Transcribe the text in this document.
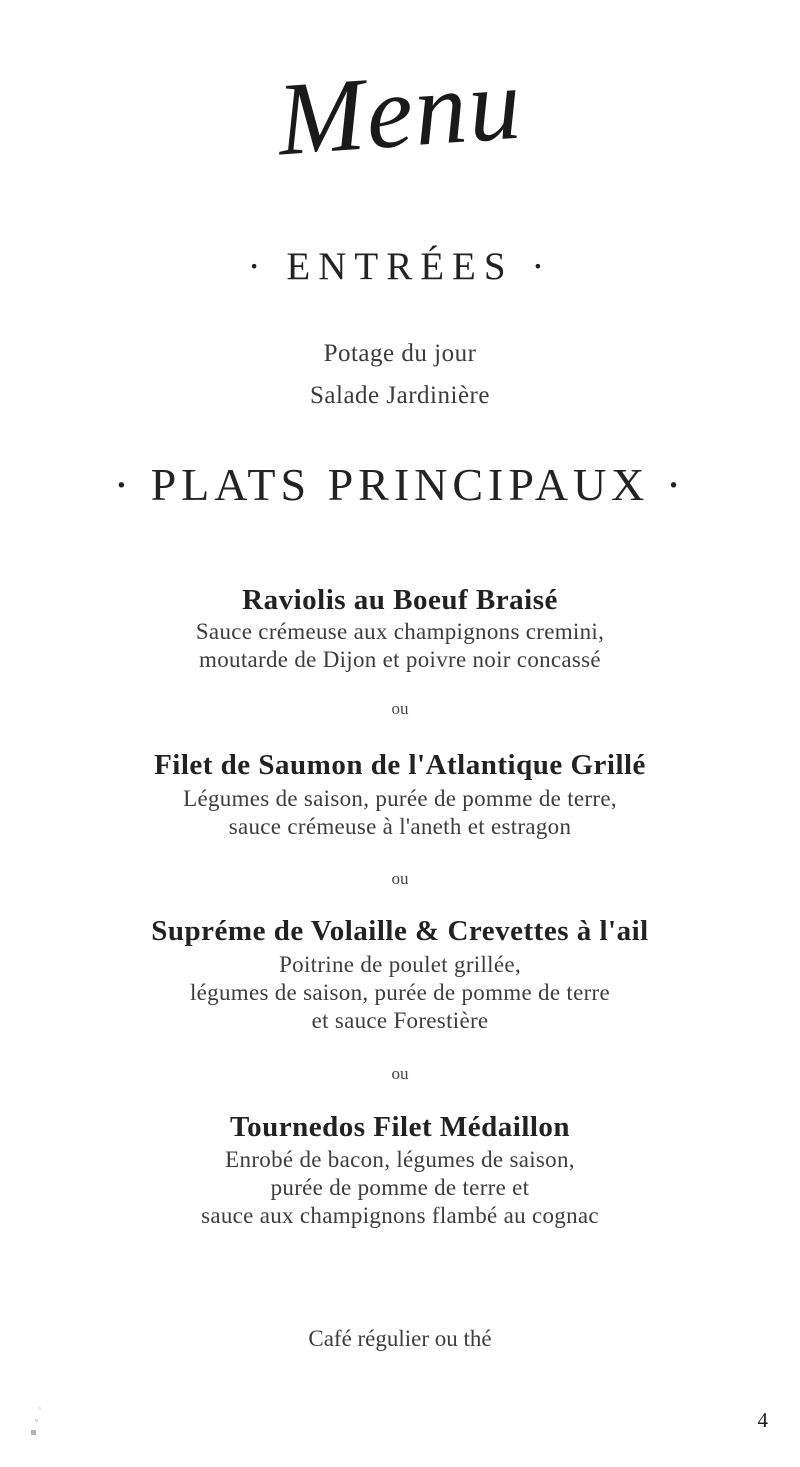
Menu
· ENTRÉES ·
Potage du jour
Salade Jardinière
· PLATS PRINCIPAUX ·
Raviolis au Boeuf Braisé
Sauce crémeuse aux champignons cremini,
moutarde de Dijon et poivre noir concassé
ou
Filet de Saumon de l'Atlantique Grillé
Légumes de saison, purée de pomme de terre,
sauce crémeuse à l'aneth et estragon
ou
Supréme de Volaille & Crevettes à l'ail
Poitrine de poulet grillée,
légumes de saison, purée de pomme de terre
et sauce Forestière
ou
Tournedos Filet Médaillon
Enrobé de bacon, légumes de saison,
purée de pomme de terre et
sauce aux champignons flambé au cognac
Café régulier ou thé
4
